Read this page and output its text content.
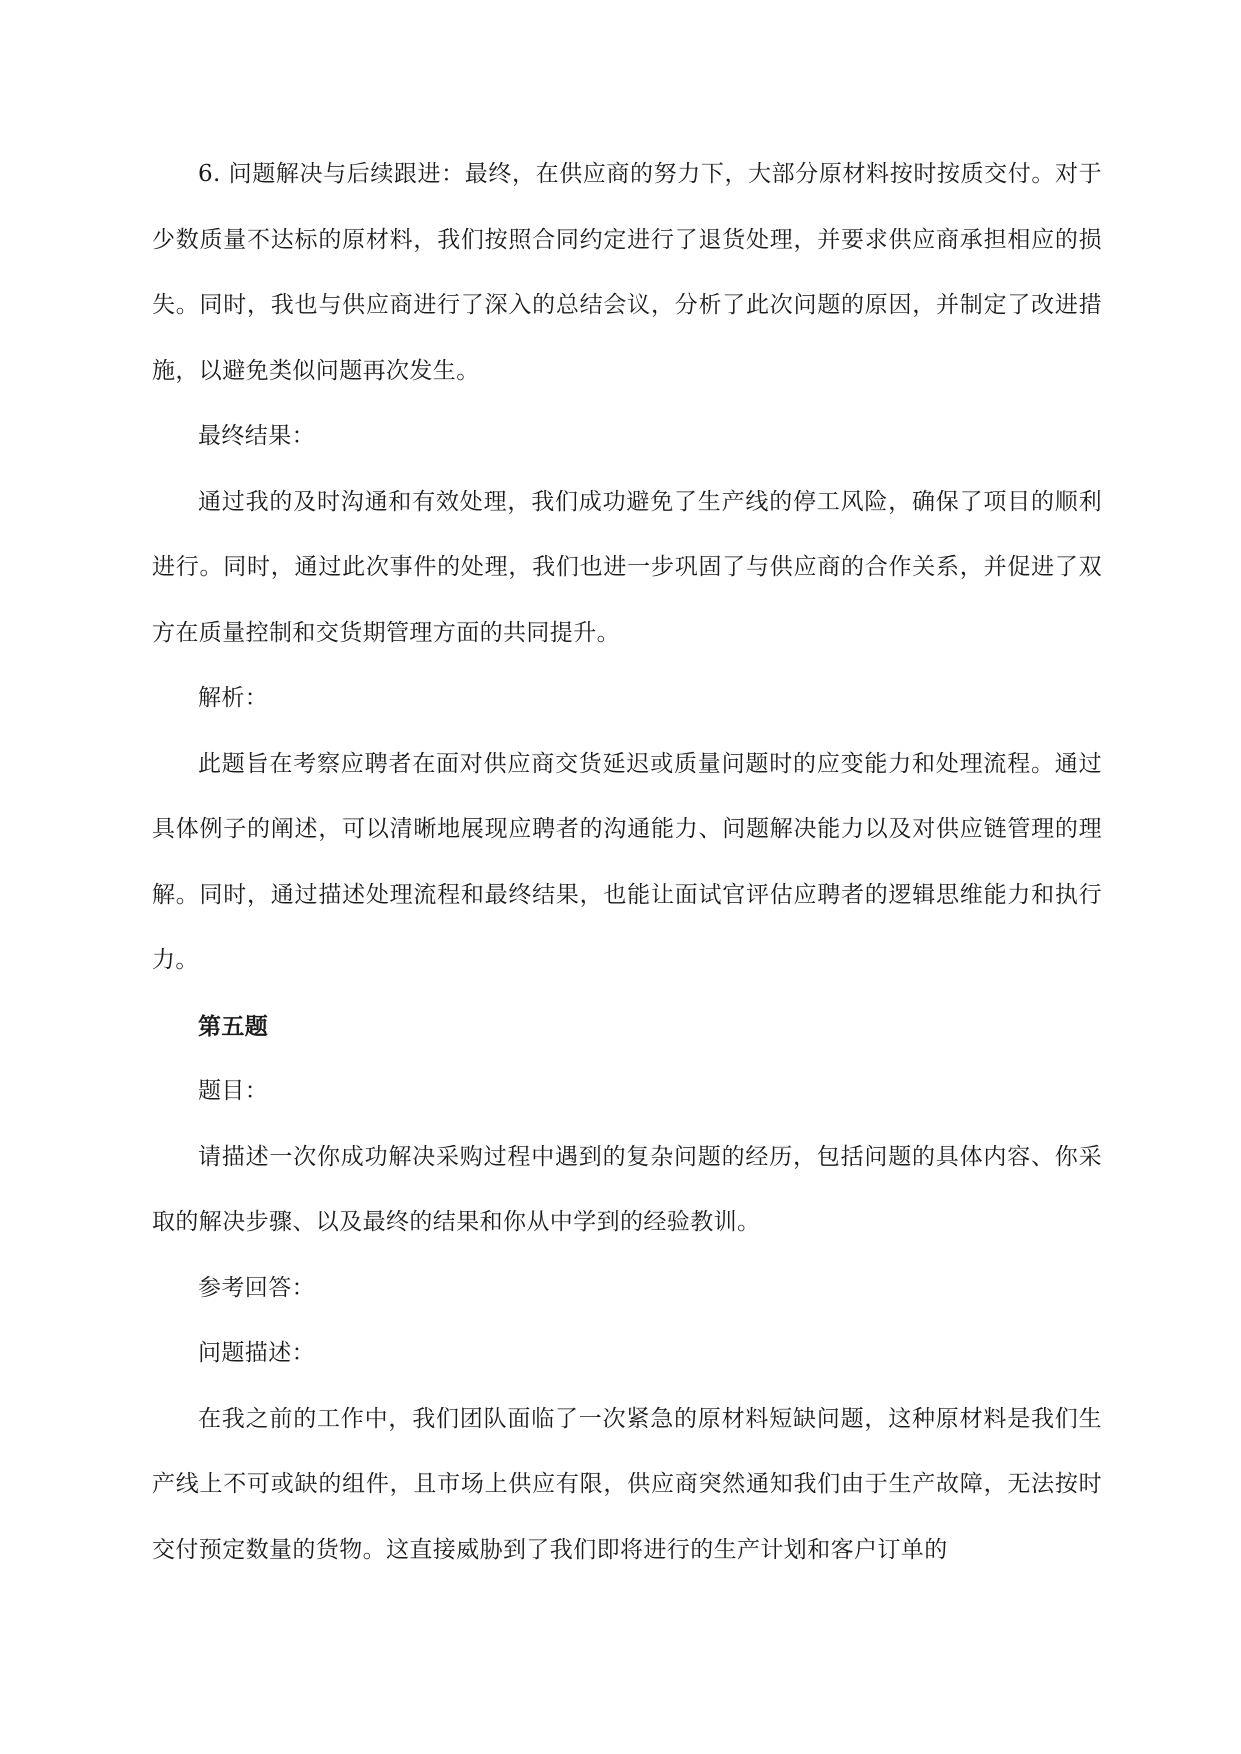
6. 问题解决与后续跟进：最终，在供应商的努力下，大部分原材料按时按质交付。对于少数质量不达标的原材料，我们按照合同约定进行了退货处理，并要求供应商承担相应的损失。同时，我也与供应商进行了深入的总结会议，分析了此次问题的原因，并制定了改进措施，以避免类似问题再次发生。

最终结果：

通过我的及时沟通和有效处理，我们成功避免了生产线的停工风险，确保了项目的顺利进行。同时，通过此次事件的处理，我们也进一步巩固了与供应商的合作关系，并促进了双方在质量控制和交货期管理方面的共同提升。

解析：

此题旨在考察应聘者在面对供应商交货延迟或质量问题时的应变能力和处理流程。通过具体例子的阐述，可以清晰地展现应聘者的沟通能力、问题解决能力以及对供应链管理的理解。同时，通过描述处理流程和最终结果，也能让面试官评估应聘者的逻辑思维能力和执行力。

第五题

题目：

请描述一次你成功解决采购过程中遇到的复杂问题的经历，包括问题的具体内容、你采取的解决步骤、以及最终的结果和你从中学到的经验教训。

参考回答：

问题描述：

在我之前的工作中，我们团队面临了一次紧急的原材料短缺问题，这种原材料是我们生产线上不可或缺的组件，且市场上供应有限，供应商突然通知我们由于生产故障，无法按时交付预定数量的货物。这直接威胁到了我们即将进行的生产计划和客户订单的
